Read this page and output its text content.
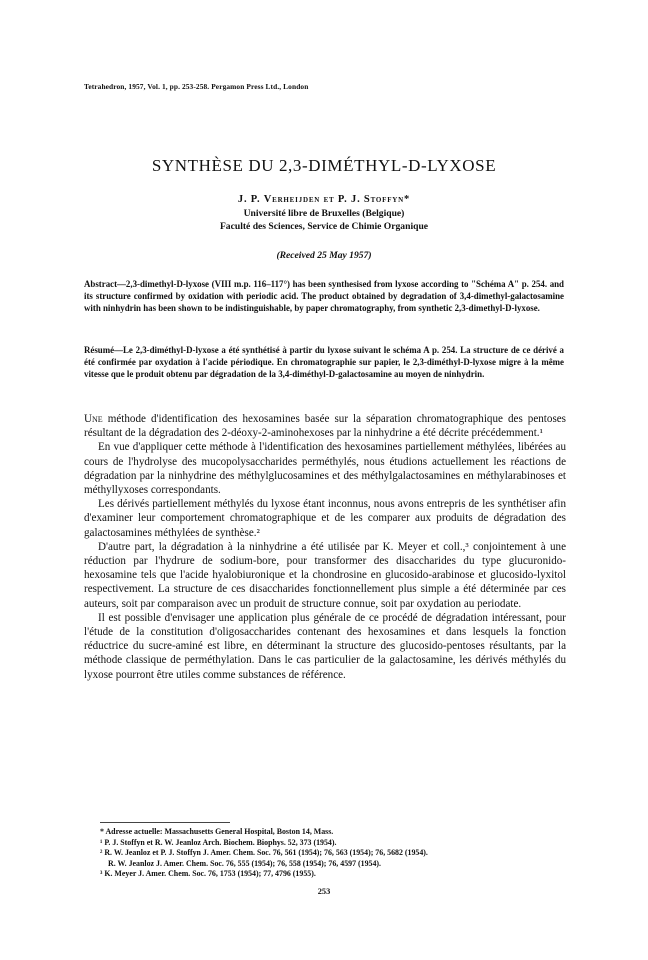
Tetrahedron, 1957, Vol. 1, pp. 253-258. Pergamon Press Ltd., London
SYNTHÈSE DU 2,3-DIMÉTHYL-D-LYXOSE
J. P. Verheijden et P. J. Stoffyn*
Université libre de Bruxelles (Belgique)
Faculté des Sciences, Service de Chimie Organique
(Received 25 May 1957)
Abstract—2,3-dimethyl-D-lyxose (VIII m.p. 116–117°) has been synthesised from lyxose according to "Schéma A" p. 254. and its structure confirmed by oxidation with periodic acid. The product obtained by degradation of 3,4-dimethyl-galactosamine with ninhydrin has been shown to be indistinguishable, by paper chromatography, from synthetic 2,3-dimethyl-D-lyxose.
Résumé—Le 2,3-diméthyl-D-lyxose a été synthétisé à partir du lyxose suivant le schéma A p. 254. La structure de ce dérivé a été confirmée par oxydation à l'acide périodique. En chromatographie sur papier, le 2,3-diméthyl-D-lyxose migre à la même vitesse que le produit obtenu par dégradation de la 3,4-diméthyl-D-galactosamine au moyen de ninhydrin.

Une méthode d'identification des hexosamines basée sur la séparation chromatographique des pentoses résultant de la dégradation des 2-déoxy-2-aminohexoses par la ninhydrine a été décrite précédemment.¹

En vue d'appliquer cette méthode à l'identification des hexosamines partiellement méthylées, libérées au cours de l'hydrolyse des mucopolysaccharides perméthylés, nous étudions actuellement les réactions de dégradation par la ninhydrine des méthylglucosamines et des méthylgalactosamines en méthylarabinoses et méthyllyxoses correspondants.

Les dérivés partiellement méthylés du lyxose étant inconnus, nous avons entrepris de les synthétiser afin d'examiner leur comportement chromatographique et de les comparer aux produits de dégradation des galactosamines méthylées de synthèse.²

D'autre part, la dégradation à la ninhydrine a été utilisée par K. Meyer et coll.,³ conjointement à une réduction par l'hydrure de sodium-bore, pour transformer des disaccharides du type glucuronido-hexosamine tels que l'acide hyalobiuronique et la chondrosine en glucosido-arabinose et glucosido-lyxitol respectivement. La structure de ces disaccharides fonctionnellement plus simple a été déterminée par ces auteurs, soit par comparaison avec un produit de structure connue, soit par oxydation au periodate.

Il est possible d'envisager une application plus générale de ce procédé de dégradation intéressant, pour l'étude de la constitution d'oligosaccharides contenant des hexosamines et dans lesquels la fonction réductrice du sucre-aminé est libre, en déterminant la structure des glucosido-pentoses résultants, par la méthode classique de perméthylation. Dans le cas particulier de la galactosamine, les dérivés méthylés du lyxose pourront être utiles comme substances de référence.

* Adresse actuelle: Massachusetts General Hospital, Boston 14, Mass.
¹ P. J. Stoffyn et R. W. Jeanloz Arch. Biochem. Biophys. 52, 373 (1954).
² R. W. Jeanloz et P. J. Stoffyn J. Amer. Chem. Soc. 76, 561 (1954); 76, 563 (1954); 76, 5682 (1954).
R. W. Jeanloz J. Amer. Chem. Soc. 76, 555 (1954); 76, 558 (1954); 76, 4597 (1954).
³ K. Meyer J. Amer. Chem. Soc. 76, 1753 (1954); 77, 4796 (1955).
253
